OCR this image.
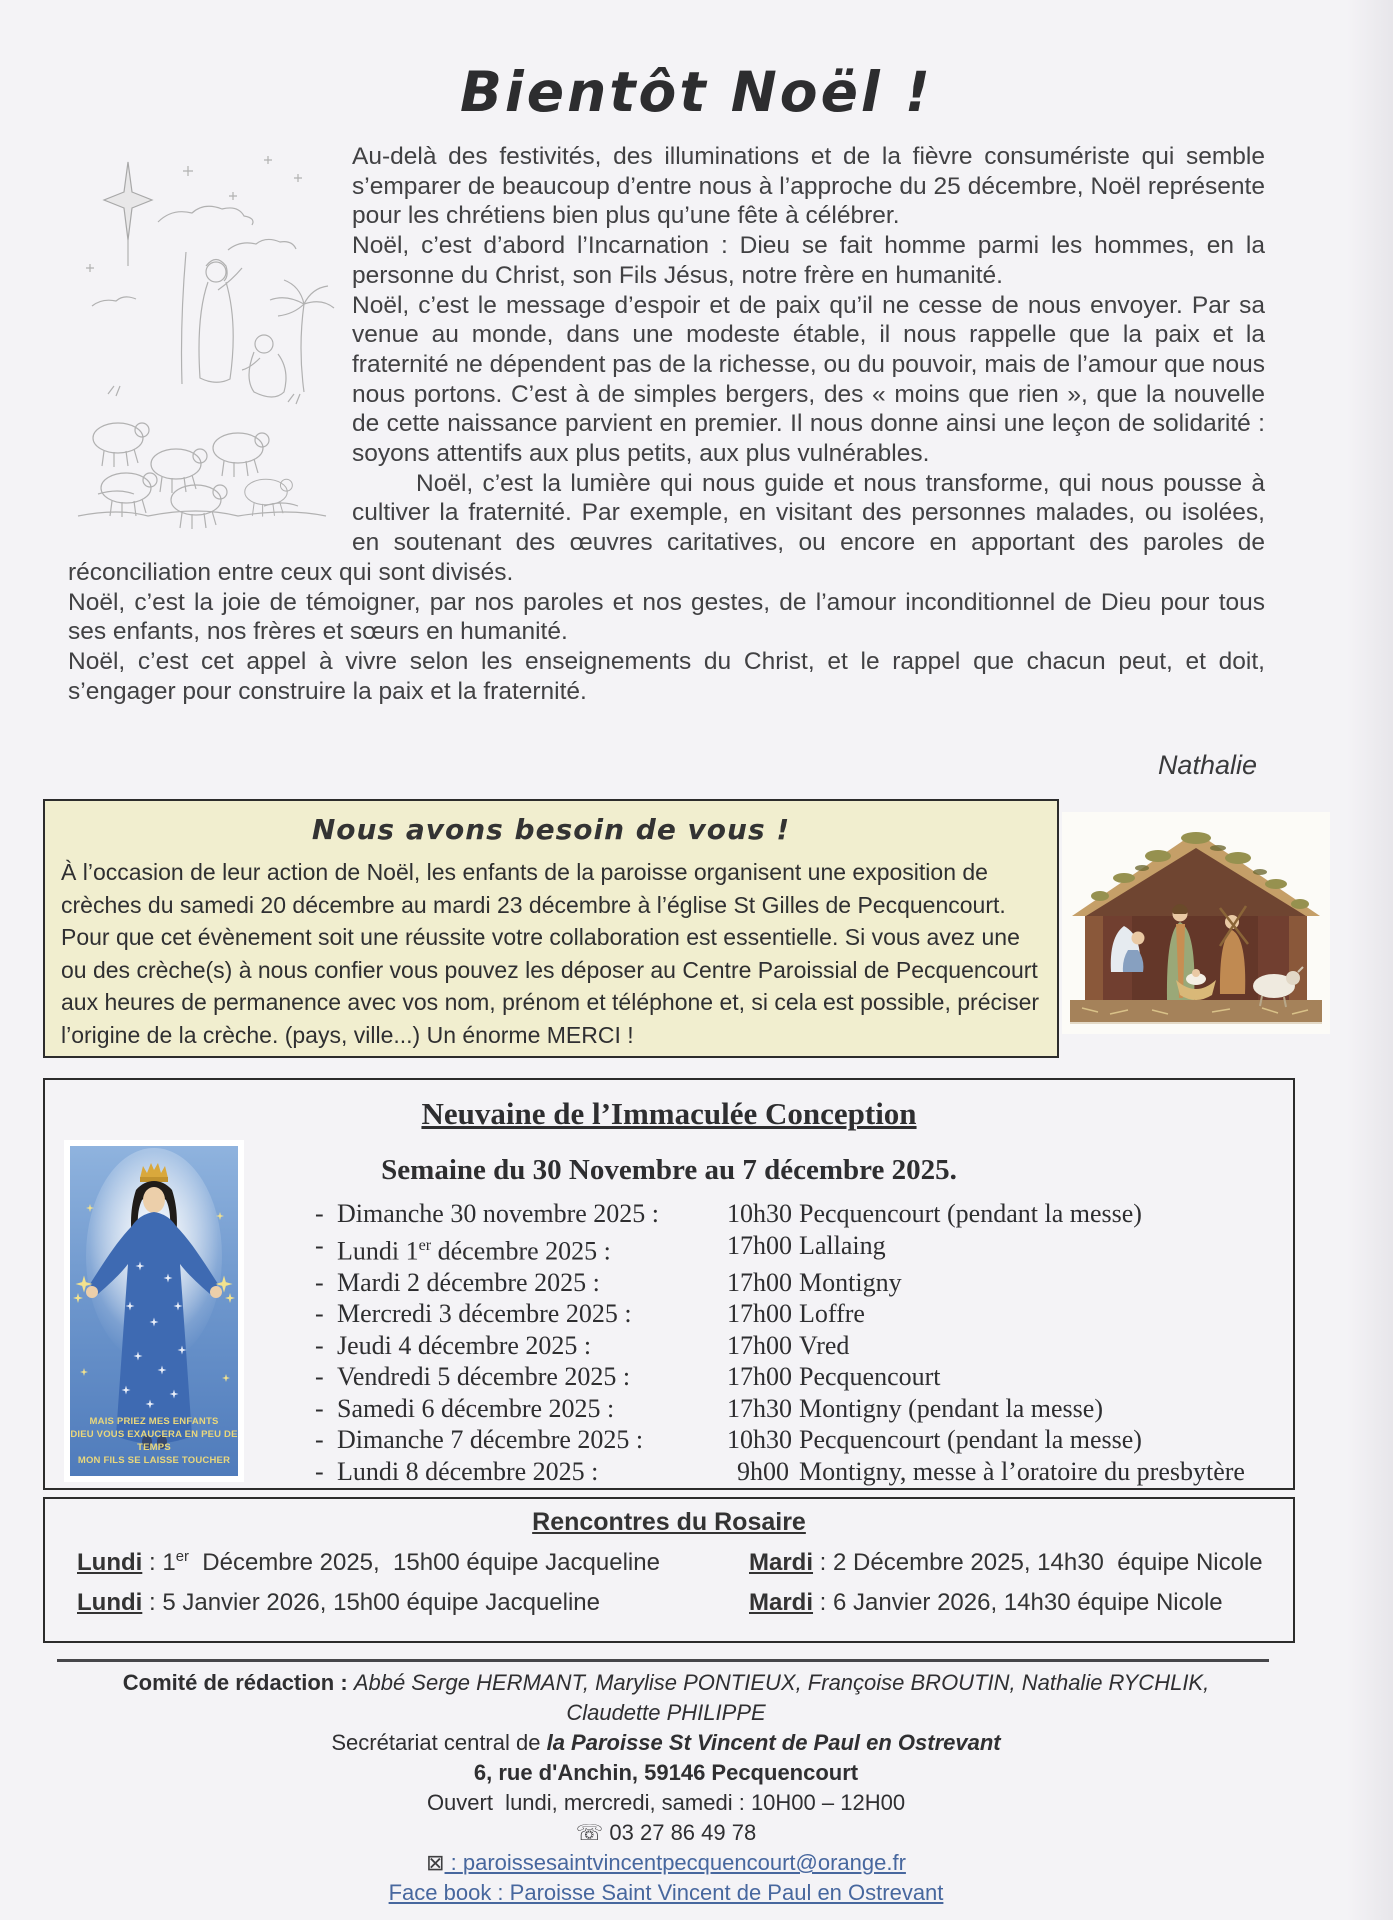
Bientôt Noël !

Au-delà des festivités, des illuminations et de la fièvre consumériste qui semble s’emparer de beaucoup d’entre nous à l’approche du 25 décembre, Noël représente pour les chrétiens bien plus qu’une fête à célébrer.

Noël, c’est d’abord l’Incarnation : Dieu se fait homme parmi les hommes, en la personne du Christ, son Fils Jésus, notre frère en humanité.

Noël, c’est le message d’espoir et de paix qu’il ne cesse de nous envoyer. Par sa venue au monde, dans une modeste étable, il nous rappelle que la paix et la fraternité ne dépendent pas de la richesse, ou du pouvoir, mais de l’amour que nous nous portons. C’est à de simples bergers, des « moins que rien », que la nouvelle de cette naissance parvient en premier. Il nous donne ainsi une leçon de solidarité : soyons attentifs aux plus petits, aux plus vulnérables.

Noël, c’est la lumière qui nous guide et nous transforme, qui nous pousse à cultiver la fraternité. Par exemple, en visitant des personnes malades, ou isolées, en soutenant des œuvres caritatives, ou encore en apportant des paroles de réconciliation entre ceux qui sont divisés.

Noël, c’est la joie de témoigner, par nos paroles et nos gestes, de l’amour inconditionnel de Dieu pour tous ses enfants, nos frères et sœurs en humanité.

Noël, c’est cet appel à vivre selon les enseignements du Christ, et le rappel que chacun peut, et doit, s’engager pour construire la paix et la fraternité.

Nathalie
Nous avons besoin de vous !
À l’occasion de leur action de Noël, les enfants de la paroisse organisent une exposition de crèches du samedi 20 décembre au mardi 23 décembre à l’église St Gilles de Pecquencourt. Pour que cet évènement soit une réussite votre collaboration est essentielle. Si vous avez une ou des crèche(s) à nous confier vous pouvez les déposer au Centre Paroissial de Pecquencourt aux heures de permanence avec vos nom, prénom et téléphone et, si cela est possible, préciser l’origine de la crèche. (pays, ville...) Un énorme MERCI !
Neuvaine de l’Immaculée Conception
Semaine du 30 Novembre au 7 décembre 2025.
MAIS PRIEZ MES ENFANTS
DIEU VOUS EXAUCERA EN PEU DE TEMPS
MON FILS SE LAISSE TOUCHER
- Dimanche 30 novembre 2025 :	10h30 Pecquencourt (pendant la messe)
- Lundi 1er décembre 2025 :	17h00 Lallaing
- Mardi 2 décembre 2025 :	17h00 Montigny
- Mercredi 3 décembre 2025 :	17h00 Loffre
- Jeudi 4 décembre 2025 :	17h00 Vred
- Vendredi 5 décembre 2025 :	17h00 Pecquencourt
- Samedi 6 décembre 2025 :	17h30 Montigny (pendant la messe)
- Dimanche 7 décembre 2025 :	10h30 Pecquencourt (pendant la messe)
- Lundi 8 décembre 2025 :	9h00 Montigny, messe à l’oratoire du presbytère
Rencontres du Rosaire
Lundi : 1er  Décembre 2025,  15h00 équipe Jacqueline	Mardi : 2 Décembre 2025, 14h30  équipe Nicole
Lundi : 5 Janvier 2026, 15h00 équipe Jacqueline	Mardi : 6 Janvier 2026, 14h30 équipe Nicole
Comité de rédaction : Abbé Serge HERMANT, Marylise PONTIEUX, Françoise BROUTIN, Nathalie RYCHLIK,
Claudette PHILIPPE
Secrétariat central de la Paroisse St Vincent de Paul en Ostrevant
6, rue d'Anchin, 59146 Pecquencourt
Ouvert  lundi, mercredi, samedi : 10H00 – 12H00
☏ 03 27 86 49 78
⊠ : paroissesaintvincentpecquencourt@orange.fr
Face book : Paroisse Saint Vincent de Paul en Ostrevant
